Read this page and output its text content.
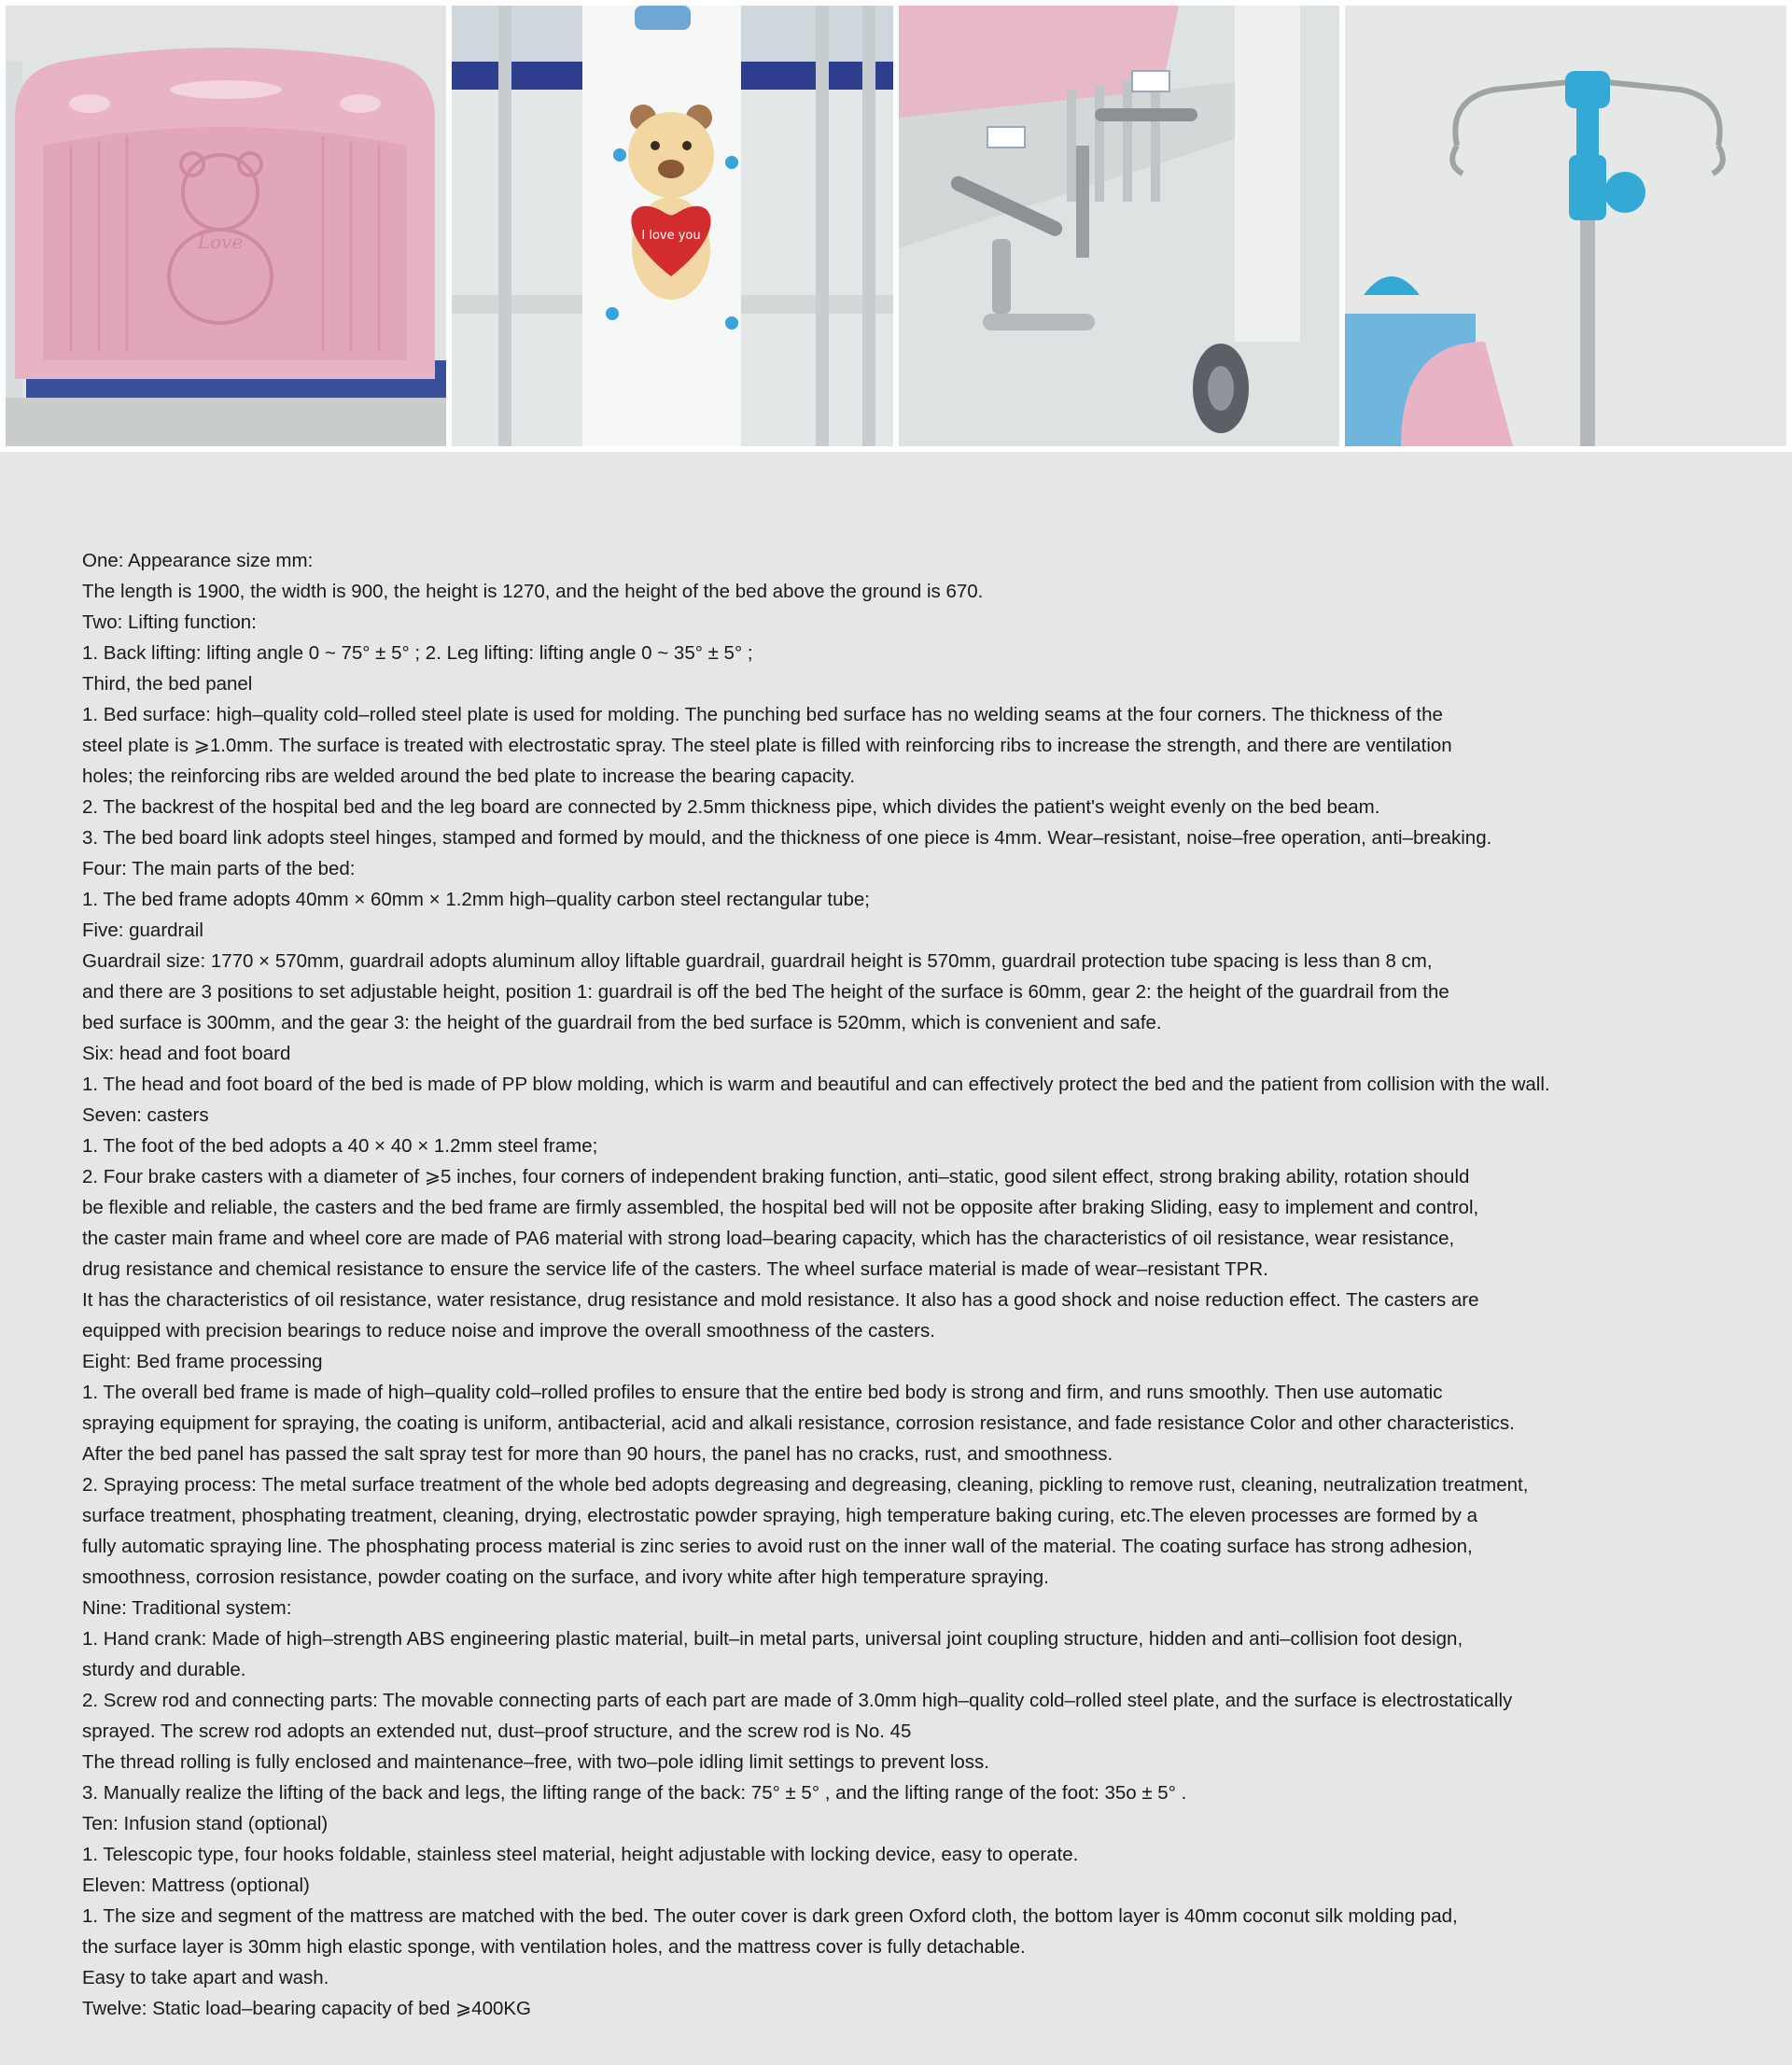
Love	I love you
One: Appearance size mm:
The length is 1900, the width is 900, the height is 1270, and the height of the bed above the ground is 670.
Two: Lifting function:
1. Back lifting: lifting angle 0 ~ 75° ± 5° ; 2. Leg lifting: lifting angle 0 ~ 35° ± 5° ;
Third, the bed panel
1. Bed surface: high–quality cold–rolled steel plate is used for molding. The punching bed surface has no welding seams at the four corners. The thickness of the
steel plate is ⩾1.0mm. The surface is treated with electrostatic spray. The steel plate is filled with reinforcing ribs to increase the strength, and there are ventilation
holes; the reinforcing ribs are welded around the bed plate to increase the bearing capacity.
2. The backrest of the hospital bed and the leg board are connected by 2.5mm thickness pipe, which divides the patient's weight evenly on the bed beam.
3. The bed board link adopts steel hinges, stamped and formed by mould, and the thickness of one piece is 4mm. Wear–resistant, noise–free operation, anti–breaking.
Four: The main parts of the bed:
1. The bed frame adopts 40mm × 60mm × 1.2mm high–quality carbon steel rectangular tube;
Five: guardrail
Guardrail size: 1770 × 570mm, guardrail adopts aluminum alloy liftable guardrail, guardrail height is 570mm, guardrail protection tube spacing is less than 8 cm,
and there are 3 positions to set adjustable height, position 1: guardrail is off the bed The height of the surface is 60mm, gear 2: the height of the guardrail from the
bed surface is 300mm, and the gear 3: the height of the guardrail from the bed surface is 520mm, which is convenient and safe.
Six: head and foot board
1. The head and foot board of the bed is made of PP blow molding, which is warm and beautiful and can effectively protect the bed and the patient from collision with the wall.
Seven: casters
1. The foot of the bed adopts a 40 × 40 × 1.2mm steel frame;
2. Four brake casters with a diameter of ⩾5 inches, four corners of independent braking function, anti–static, good silent effect, strong braking ability, rotation should
be flexible and reliable, the casters and the bed frame are firmly assembled, the hospital bed will not be opposite after braking Sliding, easy to implement and control,
the caster main frame and wheel core are made of PA6 material with strong load–bearing capacity, which has the characteristics of oil resistance, wear resistance,
drug resistance and chemical resistance to ensure the service life of the casters. The wheel surface material is made of wear–resistant TPR.
It has the characteristics of oil resistance, water resistance, drug resistance and mold resistance. It also has a good shock and noise reduction effect. The casters are
equipped with precision bearings to reduce noise and improve the overall smoothness of the casters.
Eight: Bed frame processing
1. The overall bed frame is made of high–quality cold–rolled profiles to ensure that the entire bed body is strong and firm, and runs smoothly. Then use automatic
spraying equipment for spraying, the coating is uniform, antibacterial, acid and alkali resistance, corrosion resistance, and fade resistance Color and other characteristics.
After the bed panel has passed the salt spray test for more than 90 hours, the panel has no cracks, rust, and smoothness.
2. Spraying process: The metal surface treatment of the whole bed adopts degreasing and degreasing, cleaning, pickling to remove rust, cleaning, neutralization treatment,
surface treatment, phosphating treatment, cleaning, drying, electrostatic powder spraying, high temperature baking curing, etc.The eleven processes are formed by a
fully automatic spraying line. The phosphating process material is zinc series to avoid rust on the inner wall of the material. The coating surface has strong adhesion,
smoothness, corrosion resistance, powder coating on the surface, and ivory white after high temperature spraying.
Nine: Traditional system:
1. Hand crank: Made of high–strength ABS engineering plastic material, built–in metal parts, universal joint coupling structure, hidden and anti–collision foot design,
sturdy and durable.
2. Screw rod and connecting parts: The movable connecting parts of each part are made of 3.0mm high–quality cold–rolled steel plate, and the surface is electrostatically
sprayed. The screw rod adopts an extended nut, dust–proof structure, and the screw rod is No. 45
The thread rolling is fully enclosed and maintenance–free, with two–pole idling limit settings to prevent loss.
3. Manually realize the lifting of the back and legs, the lifting range of the back: 75° ± 5° , and the lifting range of the foot: 35o ± 5° .
Ten: Infusion stand (optional)
1. Telescopic type, four hooks foldable, stainless steel material, height adjustable with locking device, easy to operate.
Eleven: Mattress (optional)
1. The size and segment of the mattress are matched with the bed. The outer cover is dark green Oxford cloth, the bottom layer is 40mm coconut silk molding pad,
the surface layer is 30mm high elastic sponge, with ventilation holes, and the mattress cover is fully detachable.
Easy to take apart and wash.
Twelve: Static load–bearing capacity of bed ⩾400KG
